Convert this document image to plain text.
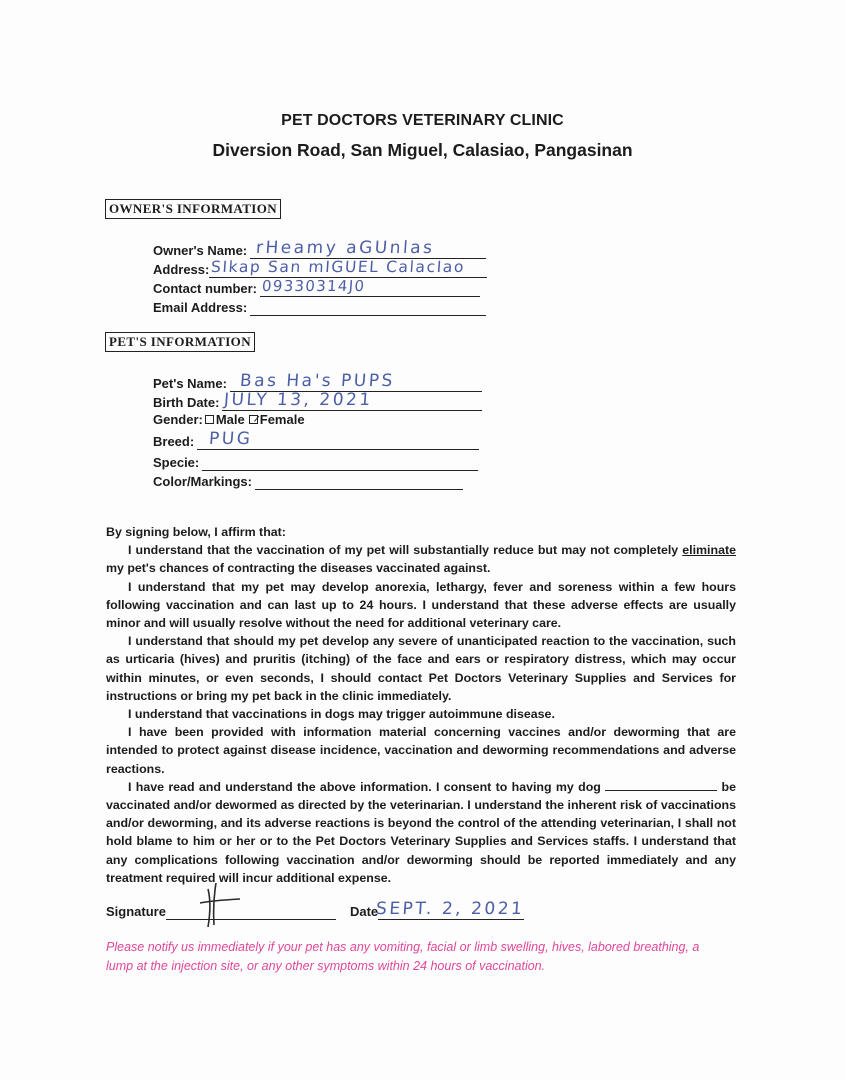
PET DOCTORS VETERINARY CLINIC
Diversion Road, San Miguel, Calasiao, Pangasinan
OWNER'S INFORMATION
Owner's Name: rHeamy aGUnlas
Address: SIkap San mIGUEL CalacIao
Contact number: 09330314J0
Email Address:
PET'S INFORMATION
Pet's Name: Bas Ha's PUPS
Birth Date: JULY 13, 2021
Gender: Male Female
Breed: PUG
Specie:
Color/Markings:

By signing below, I affirm that:

I understand that the vaccination of my pet will substantially reduce but may not completely eliminate my pet's chances of contracting the diseases vaccinated against.

I understand that my pet may develop anorexia, lethargy, fever and soreness within a few hours following vaccination and can last up to 24 hours. I understand that these adverse effects are usually minor and will usually resolve without the need for additional veterinary care.

I understand that should my pet develop any severe of unanticipated reaction to the vaccination, such as urticaria (hives) and pruritis (itching) of the face and ears or respiratory distress, which may occur within minutes, or even seconds, I should contact Pet Doctors Veterinary Supplies and Services for instructions or bring my pet back in the clinic immediately.

I understand that vaccinations in dogs may trigger autoimmune disease.

I have been provided with information material concerning vaccines and/or deworming that are intended to protect against disease incidence, vaccination and deworming recommendations and adverse reactions.

I have read and understand the above information. I consent to having my dog	be vaccinated and/or dewormed as directed by the veterinarian. I understand the inherent risk of vaccinations and/or deworming, and its adverse reactions is beyond the control of the attending veterinarian, I shall not hold blame to him or her or to the Pet Doctors Veterinary Supplies and Services staffs. I understand that any complications following vaccination and/or deworming should be reported immediately and any treatment required will incur additional expense.

Signature	Date
SEPT. 2, 2021
Please notify us immediately if your pet has any vomiting, facial or limb swelling, hives, labored breathing, a lump at the injection site, or any other symptoms within 24 hours of vaccination.
